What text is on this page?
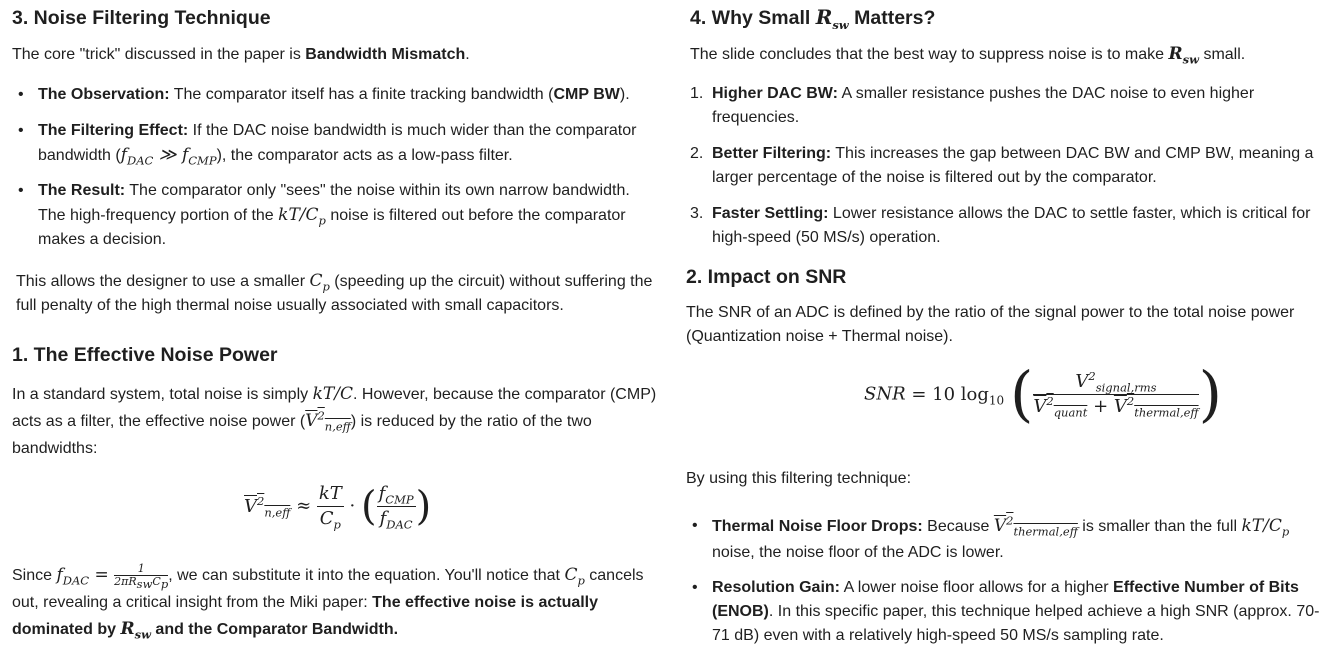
3. Noise Filtering Technique

The core "trick" discussed in the paper is Bandwidth Mismatch.

• The Observation: The comparator itself has a finite tracking bandwidth (CMP BW).
• The Filtering Effect: If the DAC noise bandwidth is much wider than the comparator bandwidth ($f_{DAC}$ ≫ $f_{CMP}$), the comparator acts as a low-pass filter.
• The Result: The comparator only "sees" the noise within its own narrow bandwidth. The high-frequency portion of the $kT/C_p$ noise is filtered out before the comparator makes a decision.

This allows the designer to use a smaller $C_p$ (speeding up the circuit) without suffering the full penalty of the high thermal noise usually associated with small capacitors.

1. The Effective Noise Power

In a standard system, total noise is simply kT/C. However, because the comparator (CMP) acts as a filter, the effective noise power $(V^2_{n,eff})$ is reduced by the ratio of the two bandwidths:

$V^2_{n,eff} \approx \frac{kT}{C_p}$ · ( $\frac{f_{CMP}}{f_{DAC}}$ )

Since $f_{DAC} = \frac{1}{2\pi R_{sw}C_p}$ , we can substitute it into the equation. You'll notice that $C_p$ cancels out, revealing a critical insight from the Miki paper: The effective noise is actually dominated by $R_{sw}$ and the Comparator Bandwidth.

4. Why Small $R_{sw}$ Matters?

The slide concludes that the best way to suppress noise is to make $R_{sw}$ small.

1. Higher DAC BW: A smaller resistance pushes the DAC noise to even higher frequencies.
2. Better Filtering: This increases the gap between DAC BW and CMP BW, meaning a larger percentage of the noise is filtered out by the comparator.
3. Faster Settling: Lower resistance allows the DAC to settle faster, which is critical for high-speed (50 MS/s) operation.
2. Impact on SNR

The SNR of an ADC is defined by the ratio of the signal power to the total noise power (Quantization noise + Thermal noise).

SNR = 10 $\log_{10}$ ( $\frac{V^2_{signal,rms}}{V^2_{quant} + V^2_{thermal,eff}}$ )

By using this filtering technique:

• Thermal Noise Floor Drops: Because $V^2_{thermal,eff}$ is smaller than the full $kT/C_p$ noise, the noise floor of the ADC is lower.
• Resolution Gain: A lower noise floor allows for a higher Effective Number of Bits (ENOB). In this specific paper, this technique helped achieve a high SNR (approx. 70-71 dB) even with a relatively high-speed 50 MS/s sampling rate.
